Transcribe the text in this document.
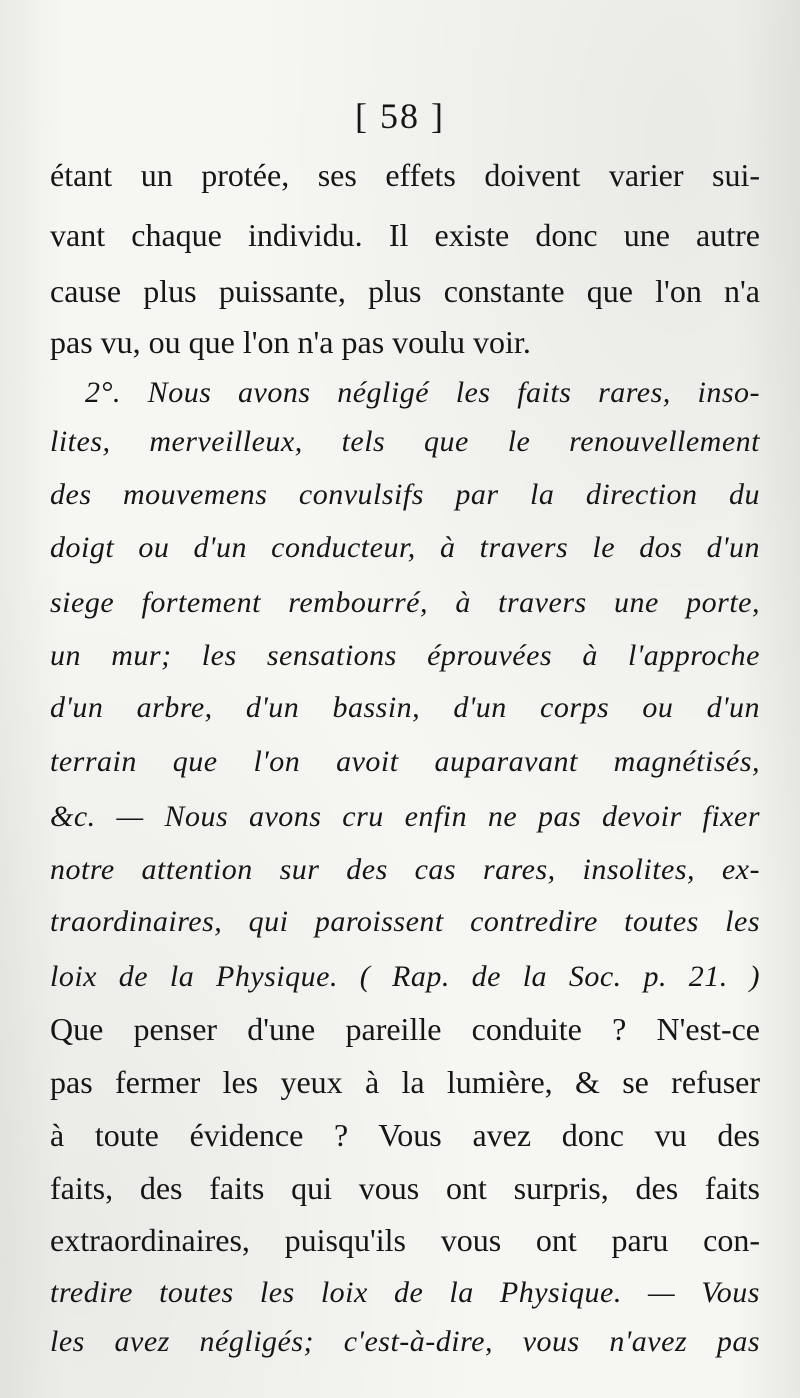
[ 58 ]
étant un protée, ses effets doivent varier sui-
vant chaque individu. Il existe donc une autre
cause plus puissante, plus constante que l'on n'a
pas vu, ou que l'on n'a pas voulu voir.
2°. Nous avons négligé les faits rares, inso-
lites, merveilleux, tels que le renouvellement
des mouvemens convulsifs par la direction du
doigt ou d'un conducteur, à travers le dos d'un
siege fortement rembourré, à travers une porte,
un mur; les sensations éprouvées à l'approche
d'un arbre, d'un bassin, d'un corps ou d'un
terrain que l'on avoit auparavant magnétisés,
&c. — Nous avons cru enfin ne pas devoir fixer
notre attention sur des cas rares, insolites, ex-
traordinaires, qui paroissent contredire toutes les
loix de la Physique. ( Rap. de la Soc. p. 21. )
Que penser d'une pareille conduite ? N'est-ce
pas fermer les yeux à la lumière, & se refuser
à toute évidence ? Vous avez donc vu des
faits, des faits qui vous ont surpris, des faits
extraordinaires, puisqu'ils vous ont paru con-
tredire toutes les loix de la Physique. — Vous
les avez négligés; c'est-à-dire, vous n'avez pas
